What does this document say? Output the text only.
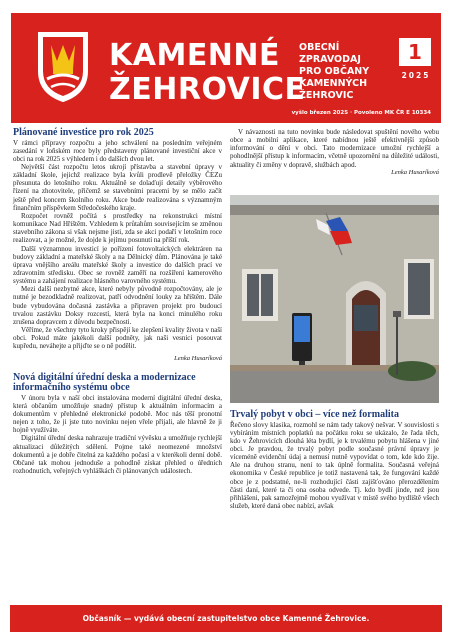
KAMENNÉ
ŽEHROVICE
OBECNÍ
ZPRAVODAJ
PRO OBČANY
KAMENNÝCH
ŽEHROVIC
1
2025
vyšlo březen 2025 · Povoleno MK ČR E 10334
Plánované investice pro rok 2025

V rámci přípravy rozpočtu a jeho schválení na posledním veřejném zasedání v loňském roce byly představeny plánované investiční akce v obci na rok 2025 s výhledem i do dalších dvou let.

Největší část rozpočtu letos ukrojí přístavba a stavební úpravy v základní škole, jejichž realizace byla kvůli prodlevě přeložky ČEZu přesunuta do letošního roku. Aktuálně se dolaďují detaily výběrového řízení na zhotovitele, přičemž se stavebními pracemi by se mělo začít ještě před koncem školního roku. Akce bude realizována s významným finančním příspěvkem Středočeského kraje.

Rozpočet rovněž počítá s prostředky na rekonstrukci místní komunikace Nad Hřištěm. Vzhledem k průtahům souvisejícím se změnou stavebního zákona si však nejsme jisti, zda se akci podaří v letošním roce realizovat, a je možné, že dojde k jejímu posunutí na příští rok.

Další významnou investicí je pořízení fotovoltaických elektráren na budovy základní a mateřské školy a na Dělnický dům. Plánována je také úprava vnějšího areálu mateřské školy a investice do dalších prací ve zdravotním středisku. Obec se rovněž zaměří na rozšíření kamerového systému a zahájení realizace hlásného varovného systému.

Mezi další nezbytné akce, které nebyly původně rozpočtovány, ale je nutné je bezodkladně realizovat, patří odvodnění louky za hřištěm. Dále bude vybudována dočasná zastávka a připraven projekt pro budoucí trvalou zastávku Doksy rozcestí, která byla na konci minulého roku zrušena dopravcem z důvodu bezpečnosti.

Věříme, že všechny tyto kroky přispějí ke zlepšení kvality života v naší obci. Pokud máte jakékoli další podněty, jak naši vesnici posouvat kupředu, neváhejte a přijďte se o ně podělit.

Lenka Husaríková
Nová digitální úřední deska a modernizace informačního systému obce

V únoru byla v naší obci instalována moderní digitální úřední deska, která občanům umožňuje snadný přístup k aktuálním informacím a dokumentům v přehledné elektronické podobě. Moc nás těší pronotní nejen z toho, že ji jste tuto novinku nejen vřele přijali, ale hlavně že ji hojně využíváte.

Digitální úřední deska nahrazuje tradiční vývěsku a umožňuje rychlejší aktualizaci důležitých sdělení. Pojme také neomezené množství dokumentů a je dobře čitelná za každého počasí a v kterékoli denní době. Občané tak mohou jednoduše a pohodlně získat přehled o úředních rozhodnutích, veřejných vyhláškách či plánovaných událostech.

V návaznosti na tuto novinku bude následovat spuštění nového webu obce a mobilní aplikace, které nabídnou ještě efektivnější způsob informování o dění v obci. Tato modernizace umožní rychlejší a pohodlnější přístup k informacím, včetně upozornění na důležité události, aktuality či změny v dopravě, službách apod.

Lenka Husaríková
Trvalý pobyt v obci – více než formalita

Řečeno slovy klasika, rozmohl se nám tady takový nešvar. V souvislosti s vybíráním místních poplatků na počátku roku se ukázalo, že řada těch, kdo v Žehrovicích dlouhá léta bydlí, je k trvalému pobytu hlášena v jiné obci. Je pravdou, že trvalý pobyt podle současné právní úpravy je víceméně evidenční údaj a nemusí nutně vypovídat o tom, kde kdo žije. Ale na druhou stranu, není to tak úplně formalita. Současná veřejná ekonomika v České republice je totiž nastavená tak, že fungování každé obce je z podstatné, ne-li rozhodující části zajišťováno přerozdělením části daní, které ta či ona osoba odvede. Tj. kdo bydlí jinde, než jsou přihlášeni, pak samozřejmě mohou využívat v místě svého bydliště všech služeb, které daná obec nabízí, avšak

Občasník — vydává obecní zastupitelstvo obce Kamenné Žehrovice.
